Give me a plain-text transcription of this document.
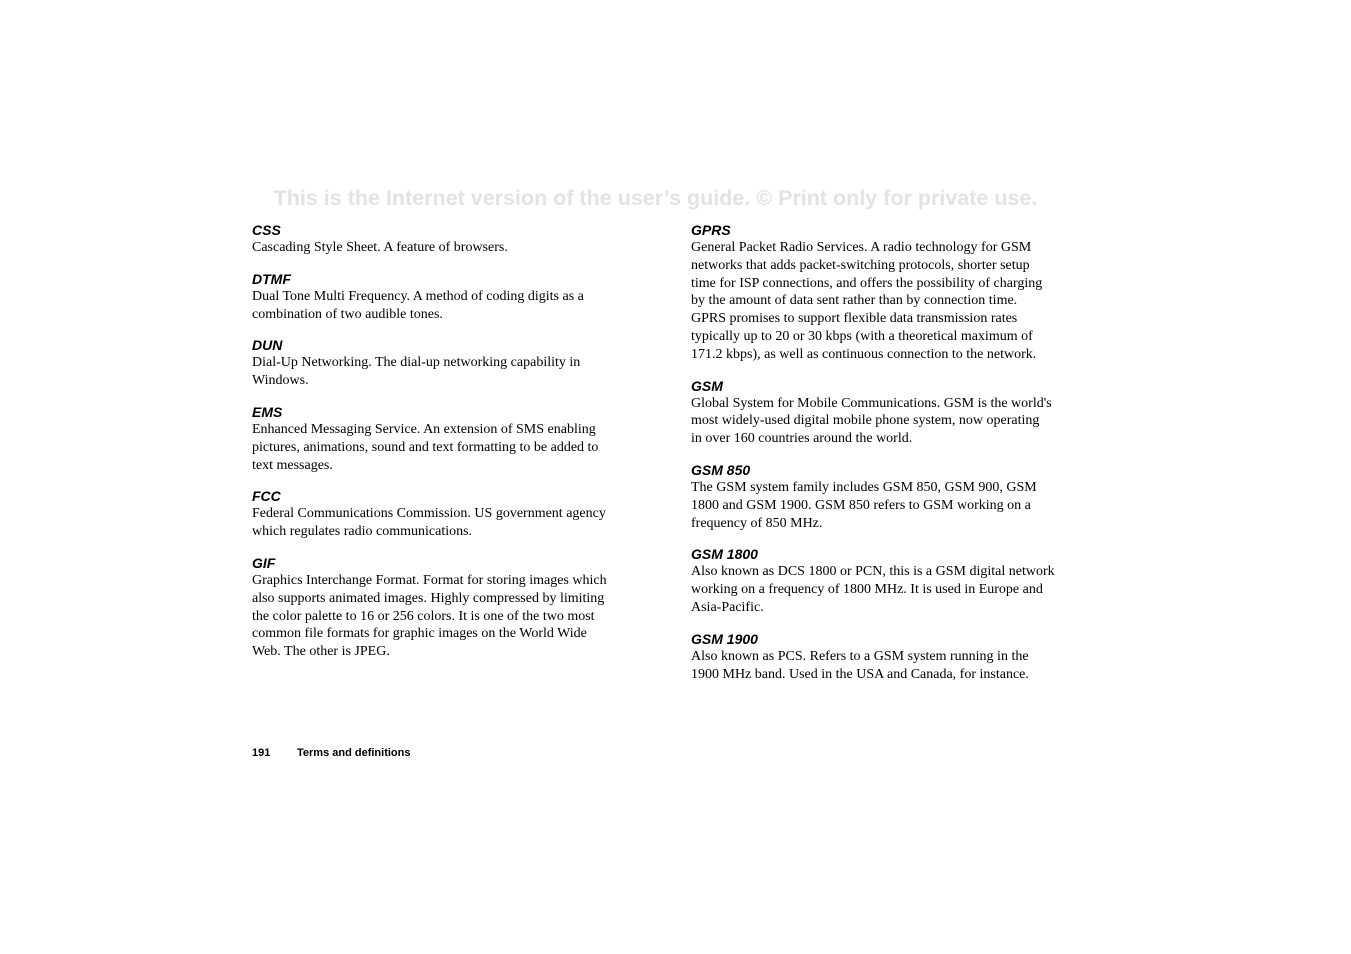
This is the Internet version of the user’s guide. © Print only for private use.

CSS

Cascading Style Sheet. A feature of browsers.

DTMF

Dual Tone Multi Frequency. A method of coding digits as a
combination of two audible tones.

DUN

Dial-Up Networking. The dial-up networking capability in
Windows.

EMS

Enhanced Messaging Service. An extension of SMS enabling
pictures, animations, sound and text formatting to be added to
text messages.

FCC

Federal Communications Commission. US government agency
which regulates radio communications.

GIF

Graphics Interchange Format. Format for storing images which
also supports animated images. Highly compressed by limiting
the color palette to 16 or 256 colors. It is one of the two most
common file formats for graphic images on the World Wide
Web. The other is JPEG.

GPRS

General Packet Radio Services. A radio technology for GSM
networks that adds packet-switching protocols, shorter setup
time for ISP connections, and offers the possibility of charging
by the amount of data sent rather than by connection time.
GPRS promises to support flexible data transmission rates
typically up to 20 or 30 kbps (with a theoretical maximum of
171.2 kbps), as well as continuous connection to the network.

GSM

Global System for Mobile Communications. GSM is the world's
most widely-used digital mobile phone system, now operating
in over 160 countries around the world.

GSM 850

The GSM system family includes GSM 850, GSM 900, GSM
1800 and GSM 1900. GSM 850 refers to GSM working on a
frequency of 850 MHz.

GSM 1800

Also known as DCS 1800 or PCN, this is a GSM digital network
working on a frequency of 1800 MHz. It is used in Europe and
Asia-Pacific.

GSM 1900

Also known as PCS. Refers to a GSM system running in the
1900 MHz band. Used in the USA and Canada, for instance.

191 Terms and definitions
